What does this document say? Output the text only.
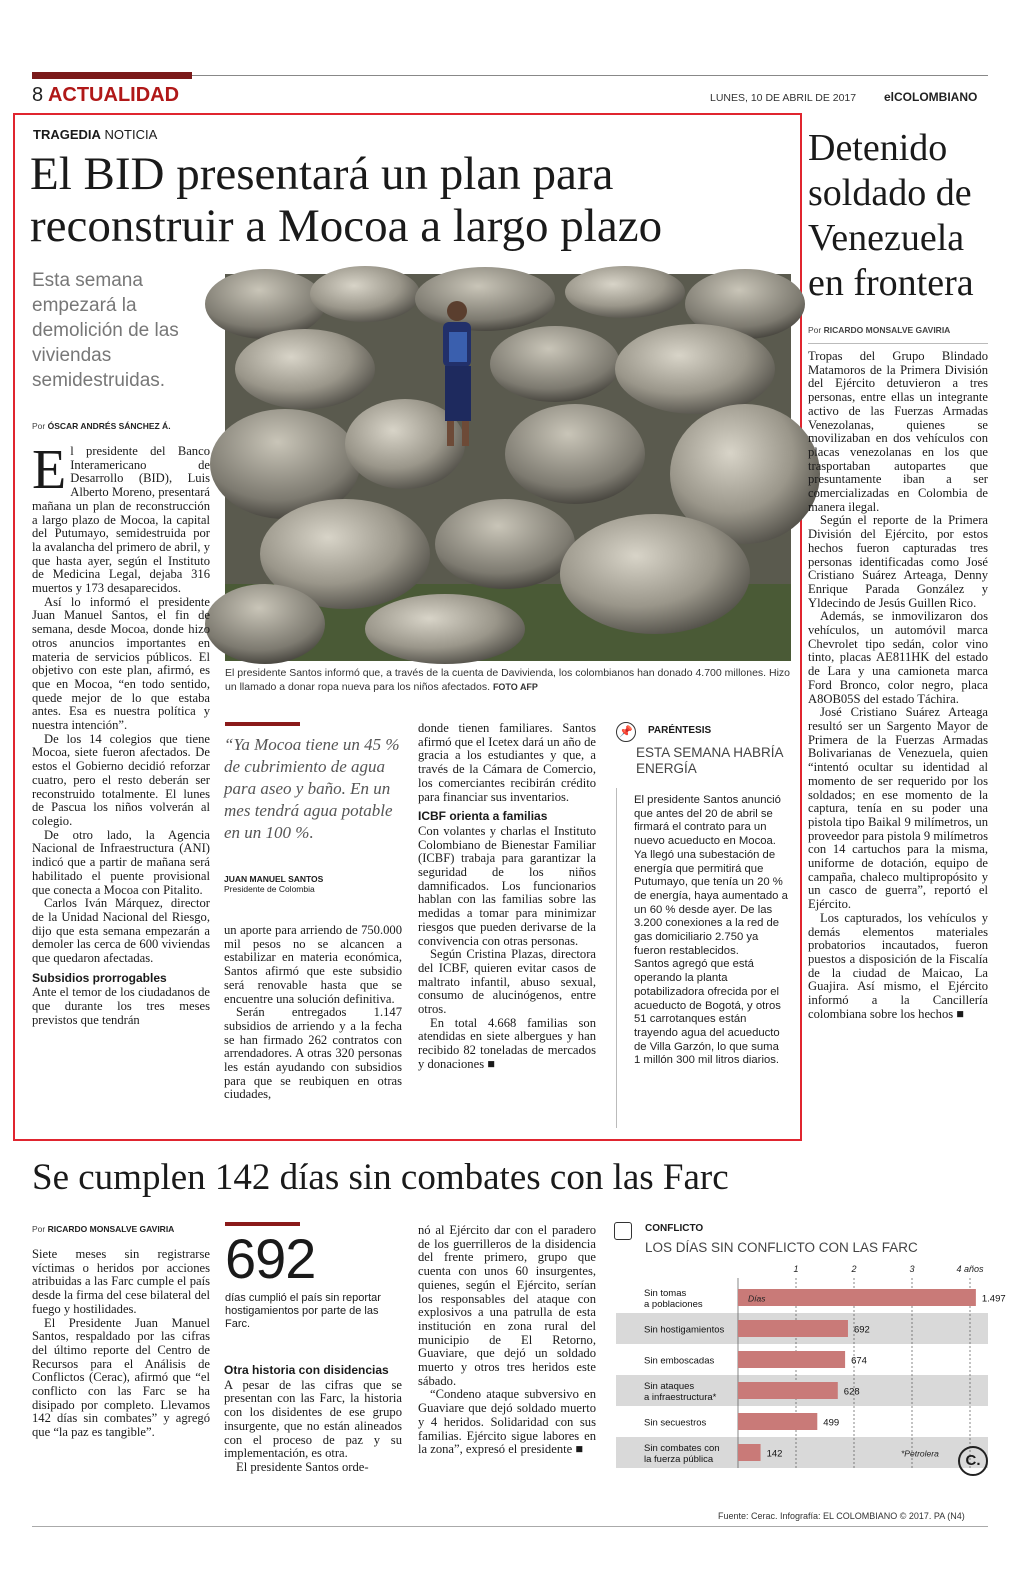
8 ACTUALIDAD	LUNES, 10 DE ABRIL DE 2017 elCOLOMBIANO
TRAGEDIA NOTICIA
El BID presentará un plan para reconstruir a Mocoa a largo plazo
Esta semana empezará la demolición de las viviendas semidestruidas.
Por ÓSCAR ANDRÉS SÁNCHEZ Á.
El presidente Santos informó que, a través de la cuenta de Davivienda, los colombianos han donado 4.700 millones. Hizo un llamado a donar ropa nueva para los niños afectados. FOTO AFP

El presidente del Banco Interamericano de Desarrollo (BID), Luis Alberto Moreno, presentará mañana un plan de reconstrucción a largo plazo de Mocoa, la capital del Putumayo, semidestruida por la avalancha del primero de abril, y que hasta ayer, según el Instituto de Medicina Legal, dejaba 316 muertos y 173 desaparecidos.

Así lo informó el presidente Juan Manuel Santos, el fin de semana, desde Mocoa, donde hizo otros anuncios importantes en materia de servicios públicos. El objetivo con este plan, afirmó, es que en Mocoa, “en todo sentido, quede mejor de lo que estaba antes. Esa es nuestra política y nuestra intención”.

De los 14 colegios que tiene Mocoa, siete fueron afectados. De estos el Gobierno decidió reforzar cuatro, pero el resto deberán ser reconstruido totalmente. El lunes de Pascua los niños volverán al colegio.

De otro lado, la Agencia Nacional de Infraestructura (ANI) indicó que a partir de mañana será habilitado el puente provisional que conecta a Mocoa con Pitalito.

Carlos Iván Márquez, director de la Unidad Nacional del Riesgo, dijo que esta semana empezarán a demoler las cerca de 600 viviendas que quedaron afectadas.

Subsidios prorrogables

Ante el temor de los ciudadanos de que durante los tres meses previstos que tendrán

“Ya Mocoa tiene un 45 % de cubrimiento de agua para aseo y baño. En un mes tendrá agua potable en un 100 %.
JUAN MANUEL SANTOS
Presidente de Colombia

un aporte para arriendo de 750.000 mil pesos no se alcancen a estabilizar en materia económica, Santos afirmó que este subsidio será renovable hasta que se encuentre una solución definitiva.

Serán entregados 1.147 subsidios de arriendo y a la fecha se han firmado 262 contratos con arrendadores. A otras 320 personas les están ayudando con subsidios para que se reubiquen en otras ciudades,

donde tienen familiares. Santos afirmó que el Icetex dará un año de gracia a los estudiantes y que, a través de la Cámara de Comercio, los comerciantes recibirán crédito para financiar sus inventarios.

ICBF orienta a familias

Con volantes y charlas el Instituto Colombiano de Bienestar Familiar (ICBF) trabaja para garantizar la seguridad de los niños damnificados. Los funcionarios hablan con las familias sobre las medidas a tomar para minimizar riesgos que pueden derivarse de la convivencia con otras personas.

Según Cristina Plazas, directora del ICBF, quieren evitar casos de maltrato infantil, abuso sexual, consumo de alucinógenos, entre otros.

En total 4.668 familias son atendidas en siete albergues y han recibido 82 toneladas de mercados y donaciones ■

📌	PARÉNTESIS
ESTA SEMANA HABRÍA ENERGÍA
El presidente Santos anunció que antes del 20 de abril se firmará el contrato para un nuevo acueducto en Mocoa. Ya llegó una subestación de energía que permitirá que Putumayo, que tenía un 20 % de energía, haya aumentado a un 60 % desde ayer. De las 3.200 conexiones a la red de gas domiciliario 2.750 ya fueron restablecidos.
Santos agregó que está operando la planta potabilizadora ofrecida por el acueducto de Bogotá, y otros 51 carrotanques están trayendo agua del acueducto de Villa Garzón, lo que suma 1 millón 300 mil litros diarios.
Detenido soldado de Venezuela en frontera
Por RICARDO MONSALVE GAVIRIA

Tropas del Grupo Blindado Matamoros de la Primera División del Ejército detuvieron a tres personas, entre ellas un integrante activo de las Fuerzas Armadas Venezolanas, quienes se movilizaban en dos vehículos con placas venezolanas en los que trasportaban autopartes que presuntamente iban a ser comercializadas en Colombia de manera ilegal.

Según el reporte de la Primera División del Ejército, por estos hechos fueron capturadas tres personas identificadas como José Cristiano Suárez Arteaga, Denny Enrique Parada González y Yldecindo de Jesús Guillen Rico.

Además, se inmovilizaron dos vehículos, un automóvil marca Chevrolet tipo sedán, color vino tinto, placas AE811HK del estado de Lara y una camioneta marca Ford Bronco, color negro, placa A8OB05S del estado Táchira.

José Cristiano Suárez Arteaga resultó ser un Sargento Mayor de Primera de la Fuerzas Armadas Bolivarianas de Venezuela, quien “intentó ocultar su identidad al momento de ser requerido por los soldados; en ese momento de la captura, tenía en su poder una pistola tipo Baikal 9 milímetros, un proveedor para pistola 9 milímetros con 14 cartuchos para la misma, uniforme de dotación, equipo de campaña, chaleco multipropósito y un casco de guerra”, reportó el Ejército.

Los capturados, los vehículos y demás elementos materiales probatorios incautados, fueron puestos a disposición de la Fiscalía de la ciudad de Maicao, La Guajira. Así mismo, el Ejército informó a la Cancillería colombiana sobre los hechos ■

Se cumplen 142 días sin combates con las Farc
Por RICARDO MONSALVE GAVIRIA

Siete meses sin registrarse víctimas o heridos por acciones atribuidas a las Farc cumple el país desde la firma del cese bilateral del fuego y hostilidades.

El Presidente Juan Manuel Santos, respaldado por las cifras del último reporte del Centro de Recursos para el Análisis de Conflictos (Cerac), afirmó que “el conflicto con las Farc se ha disipado por completo. Llevamos 142 días sin combates” y agregó que “la paz es tangible”.

692
días cumplió el país sin reportar hostigamientos por parte de las Farc.
Otra historia con disidencias

A pesar de las cifras que se presentan con las Farc, la historia con los disidentes de ese grupo insurgente, que no están alineados con el proceso de paz y su implementación, es otra.

El presidente Santos orde-

nó al Ejército dar con el paradero de los guerrilleros de la disidencia del frente primero, grupo que cuenta con unos 60 insurgentes, quienes, según el Ejército, serían los responsables del ataque con explosivos a una patrulla de esta institución en zona rural del municipio de El Retorno, Guaviare, que dejó un soldado muerto y otros tres heridos este sábado.

“Condeno ataque subversivo en Guaviare que dejó soldado muerto y 4 heridos. Solidaridad con sus familias. Ejército sigue labores en la zona”, expresó el presidente ■

CONFLICTO
LOS DÍAS SIN CONFLICTO CON LAS FARC
1	2	3	4 años
Sin tomas
a poblaciones	1.497
Sin hostigamientos	692
Sin emboscadas	674
Sin ataques
a infraestructura*	628
Sin secuestros	499
Sin combates con
la fuerza pública	142
Días
*Petrolera	C.
Fuente: Cerac. Infografía: EL COLOMBIANO © 2017. PA (N4)
